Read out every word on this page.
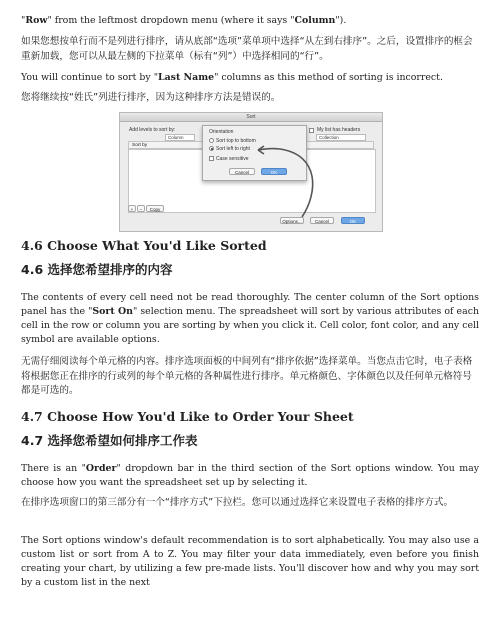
"Row" from the leftmost dropdown menu (where it says "Column").

如果您想按单行而不是列进行排序，请从底部“选项”菜单项中选择“从左到右排序”。之后，设置排序的框会重新加载，您可以从最左侧的下拉菜单（标有“列”）中选择相同的“行”。

You will continue to sort by "Last Name" columns as this method of sorting is incorrect.

您将继续按“姓氏”列进行排序，因为这种排序方法是错误的。

Sort
Add levels to sort by:
Column
Sort by
My list has headers
Collection
Orientation
Sort top to bottom
Sort left to right
Case sensitive
Cancel	OK
+	−	Copy
Options...	Cancel	OK
4.6 Choose What You'd Like Sorted
4.6 选择您希望排序的内容

The contents of every cell need not be read thoroughly. The center column of the Sort options panel has the "Sort On" selection menu. The spreadsheet will sort by various attributes of each cell in the row or column you are sorting by when you click it. Cell color, font color, and any cell symbol are available options.

无需仔细阅读每个单元格的内容。排序选项面板的中间列有“排序依据”选择菜单。当您点击它时，电子表格将根据您正在排序的行或列的每个单元格的各种属性进行排序。单元格颜色、字体颜色以及任何单元格符号都是可选的。

4.7 Choose How You'd Like to Order Your Sheet
4.7 选择您希望如何排序工作表

There is an "Order" dropdown bar in the third section of the Sort options window. You may choose how you want the spreadsheet set up by selecting it.

在排序选项窗口的第三部分有一个“排序方式”下拉栏。您可以通过选择它来设置电子表格的排序方式。

The Sort options window's default recommendation is to sort alphabetically. You may also use a custom list or sort from A to Z. You may filter your data immediately, even before you finish creating your chart, by utilizing a few pre-made lists. You'll discover how and why you may sort by a custom list in the next
